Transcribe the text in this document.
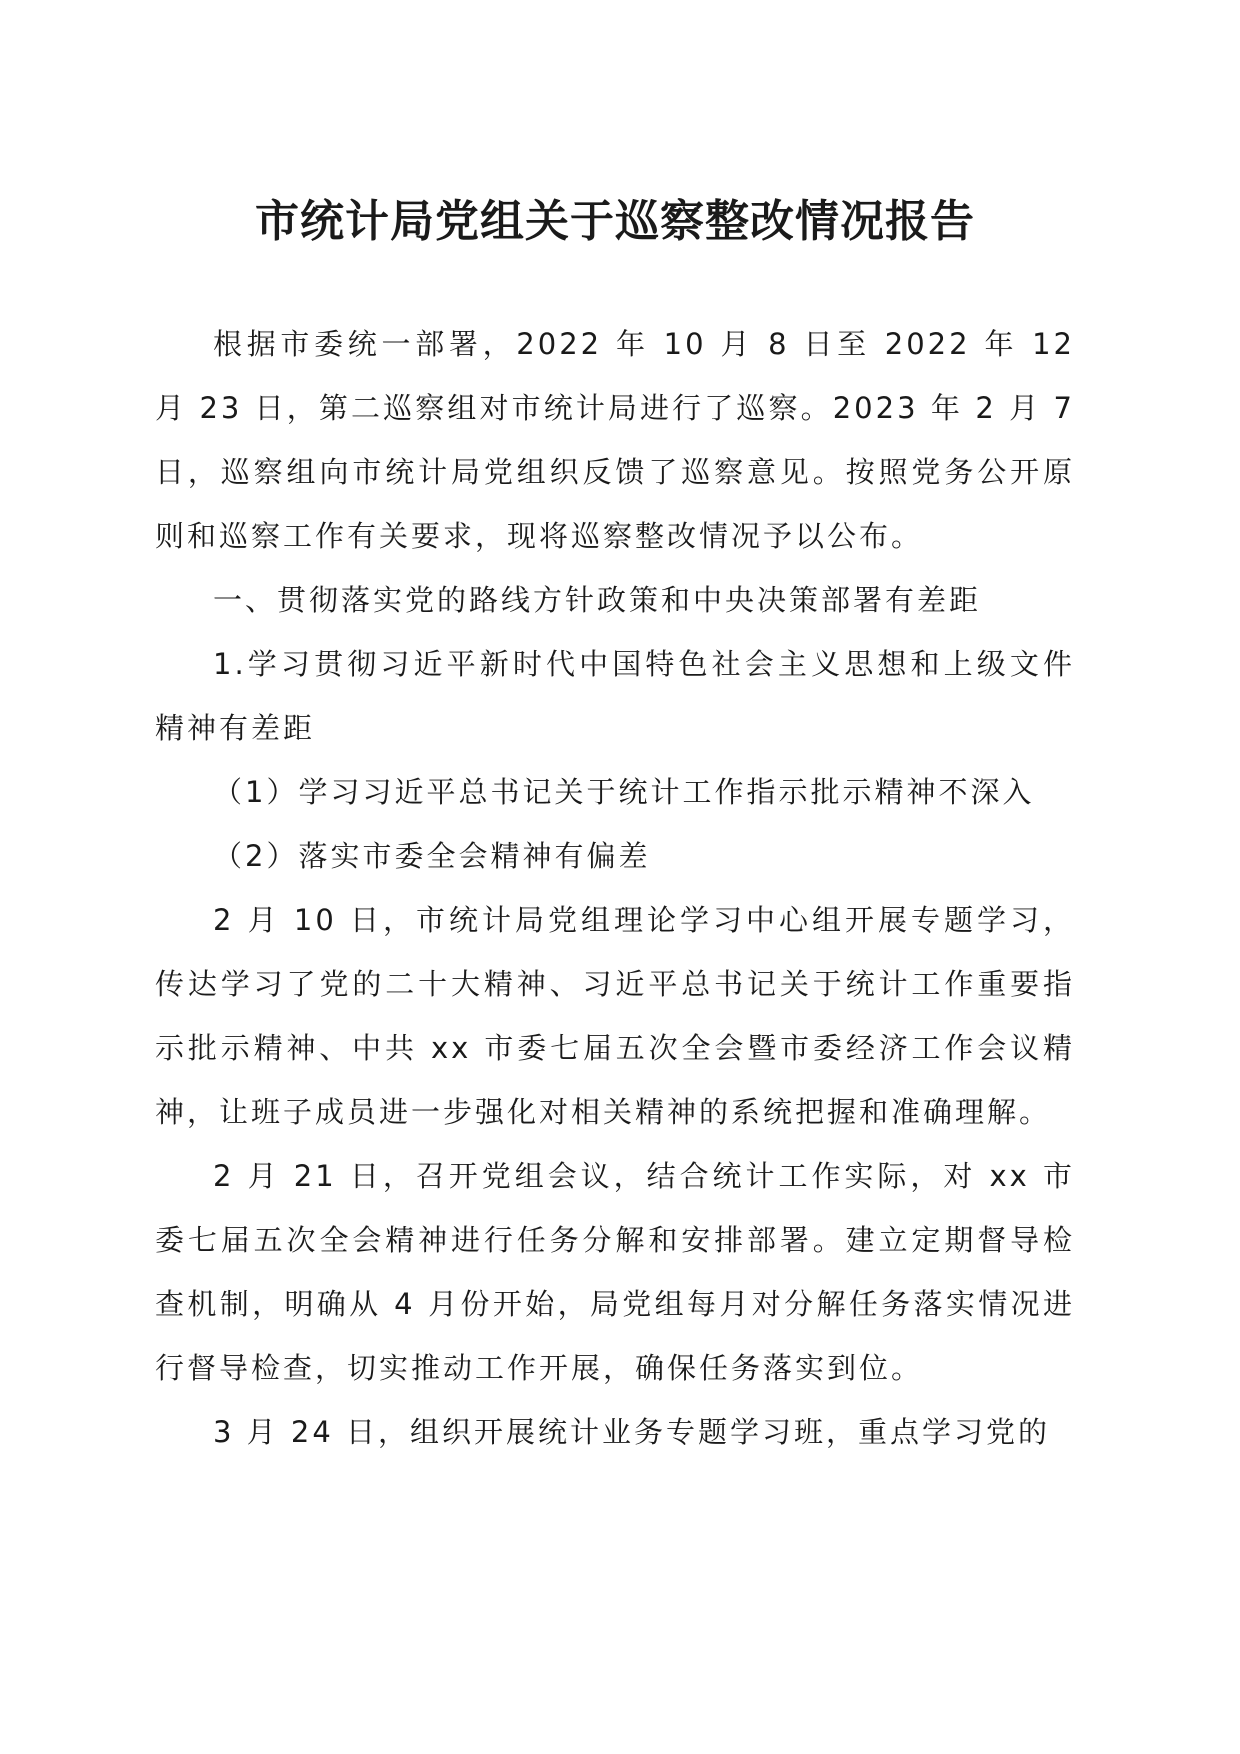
市统计局党组关于巡察整改情况报告

根据市委统一部署，2022 年 10 月 8 日至 2022 年 12 月 23 日，第二巡察组对市统计局进行了巡察。2023 年 2 月 7 日，巡察组向市统计局党组织反馈了巡察意见。按照党务公开原则和巡察工作有关要求，现将巡察整改情况予以公布。

一、贯彻落实党的路线方针政策和中央决策部署有差距

1.学习贯彻习近平新时代中国特色社会主义思想和上级文件精神有差距

（1）学习习近平总书记关于统计工作指示批示精神不深入

（2）落实市委全会精神有偏差

2 月 10 日，市统计局党组理论学习中心组开展专题学习，传达学习了党的二十大精神、习近平总书记关于统计工作重要指示批示精神、中共 xx 市委七届五次全会暨市委经济工作会议精神，让班子成员进一步强化对相关精神的系统把握和准确理解。

2 月 21 日，召开党组会议，结合统计工作实际，对 xx 市委七届五次全会精神进行任务分解和安排部署。建立定期督导检查机制，明确从 4 月份开始，局党组每月对分解任务落实情况进行督导检查，切实推动工作开展，确保任务落实到位。

3 月 24 日，组织开展统计业务专题学习班，重点学习党的
